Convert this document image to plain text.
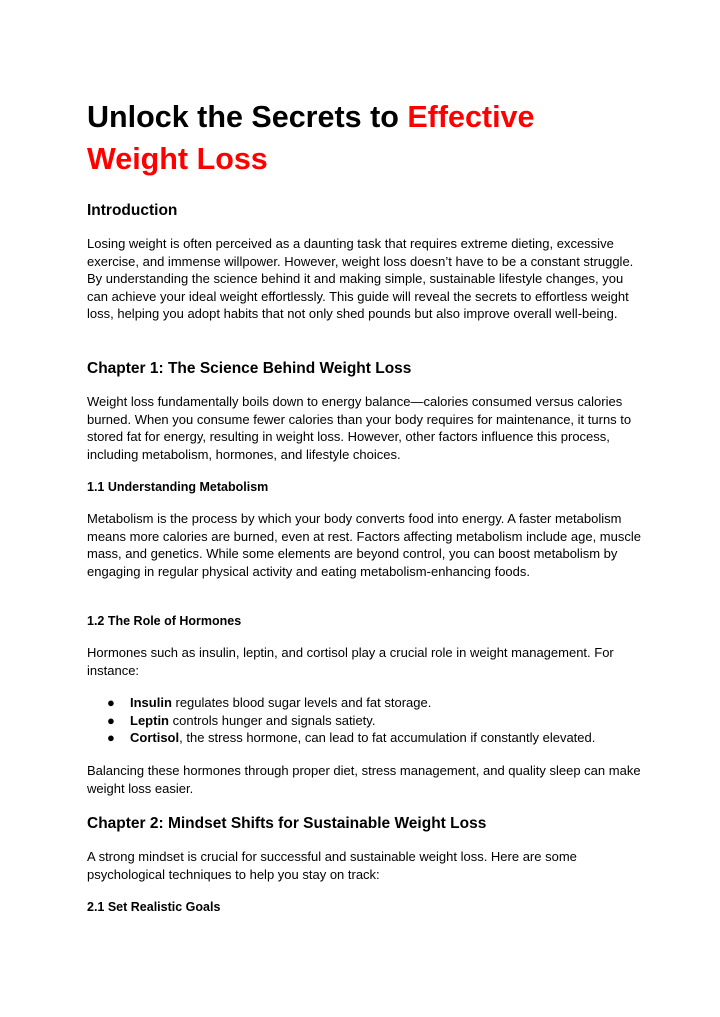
Unlock the Secrets to Effective
Weight Loss
Introduction

Losing weight is often perceived as a daunting task that requires extreme dieting, excessive exercise, and immense willpower. However, weight loss doesn’t have to be a constant struggle. By understanding the science behind it and making simple, sustainable lifestyle changes, you can achieve your ideal weight effortlessly. This guide will reveal the secrets to effortless weight loss, helping you adopt habits that not only shed pounds but also improve overall well-being.

Chapter 1: The Science Behind Weight Loss

Weight loss fundamentally boils down to energy balance—calories consumed versus calories burned. When you consume fewer calories than your body requires for maintenance, it turns to stored fat for energy, resulting in weight loss. However, other factors influence this process, including metabolism, hormones, and lifestyle choices.

1.1 Understanding Metabolism

Metabolism is the process by which your body converts food into energy. A faster metabolism means more calories are burned, even at rest. Factors affecting metabolism include age, muscle mass, and genetics. While some elements are beyond control, you can boost metabolism by engaging in regular physical activity and eating metabolism-enhancing foods.

1.2 The Role of Hormones

Hormones such as insulin, leptin, and cortisol play a crucial role in weight management. For instance:

● Insulin regulates blood sugar levels and fat storage.
● Leptin controls hunger and signals satiety.
● Cortisol, the stress hormone, can lead to fat accumulation if constantly elevated.

Balancing these hormones through proper diet, stress management, and quality sleep can make weight loss easier.

Chapter 2: Mindset Shifts for Sustainable Weight Loss

A strong mindset is crucial for successful and sustainable weight loss. Here are some psychological techniques to help you stay on track:

2.1 Set Realistic Goals
